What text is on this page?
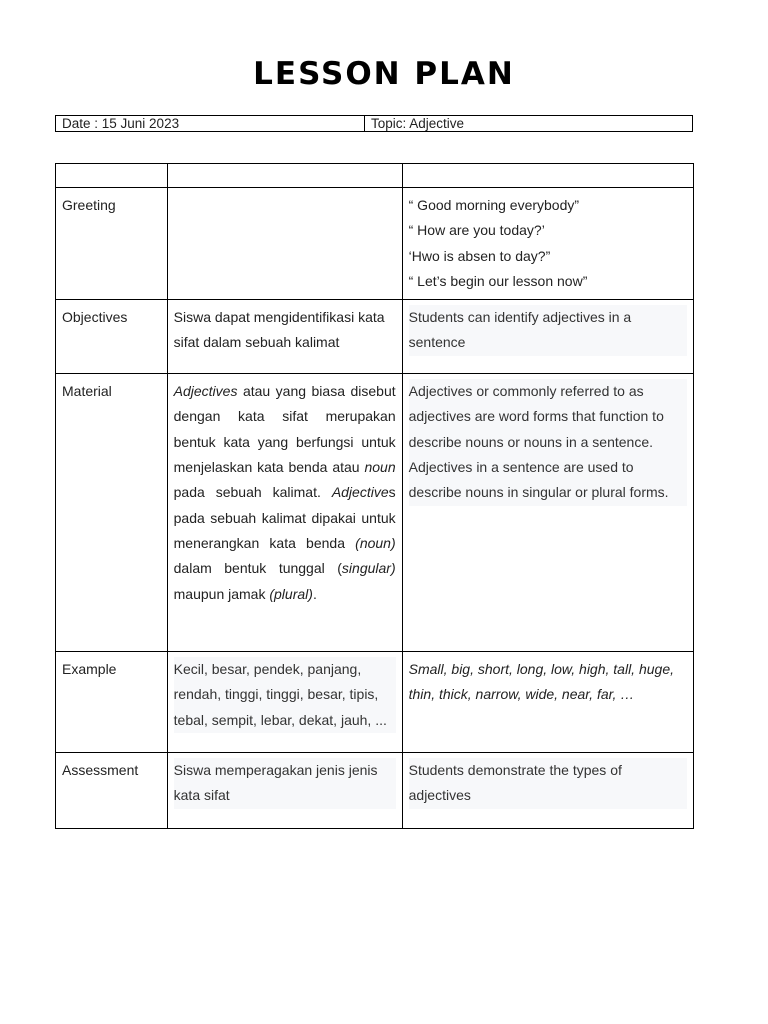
LESSON PLAN
Date : 15 Juni 2023	Topic: Adjective

Greeting		“ Good morning everybody”
“ How are you today?’
‘Hwo is absen to day?”
“ Let’s begin our lesson now”

Objectives	Siswa dapat mengidentifikasi kata sifat dalam sebuah kalimat	Students can identify adjectives in a sentence

Material	Adjectives atau yang biasa disebut dengan kata sifat merupakan bentuk kata yang berfungsi untuk menjelaskan kata benda atau noun pada sebuah kalimat. Adjectives pada sebuah kalimat dipakai untuk menerangkan kata benda (noun) dalam bentuk tunggal (singular) maupun jamak (plural).	Adjectives or commonly referred to as adjectives are word forms that function to describe nouns or nouns in a sentence. Adjectives in a sentence are used to describe nouns in singular or plural forms.

Example	Kecil, besar, pendek, panjang, rendah, tinggi, tinggi, besar, tipis, tebal, sempit, lebar, dekat, jauh, ...	Small, big, short, long, low, high, tall, huge, thin, thick, narrow, wide, near, far, …
Assessment	Siswa memperagakan jenis jenis kata sifat	Students demonstrate the types of adjectives
